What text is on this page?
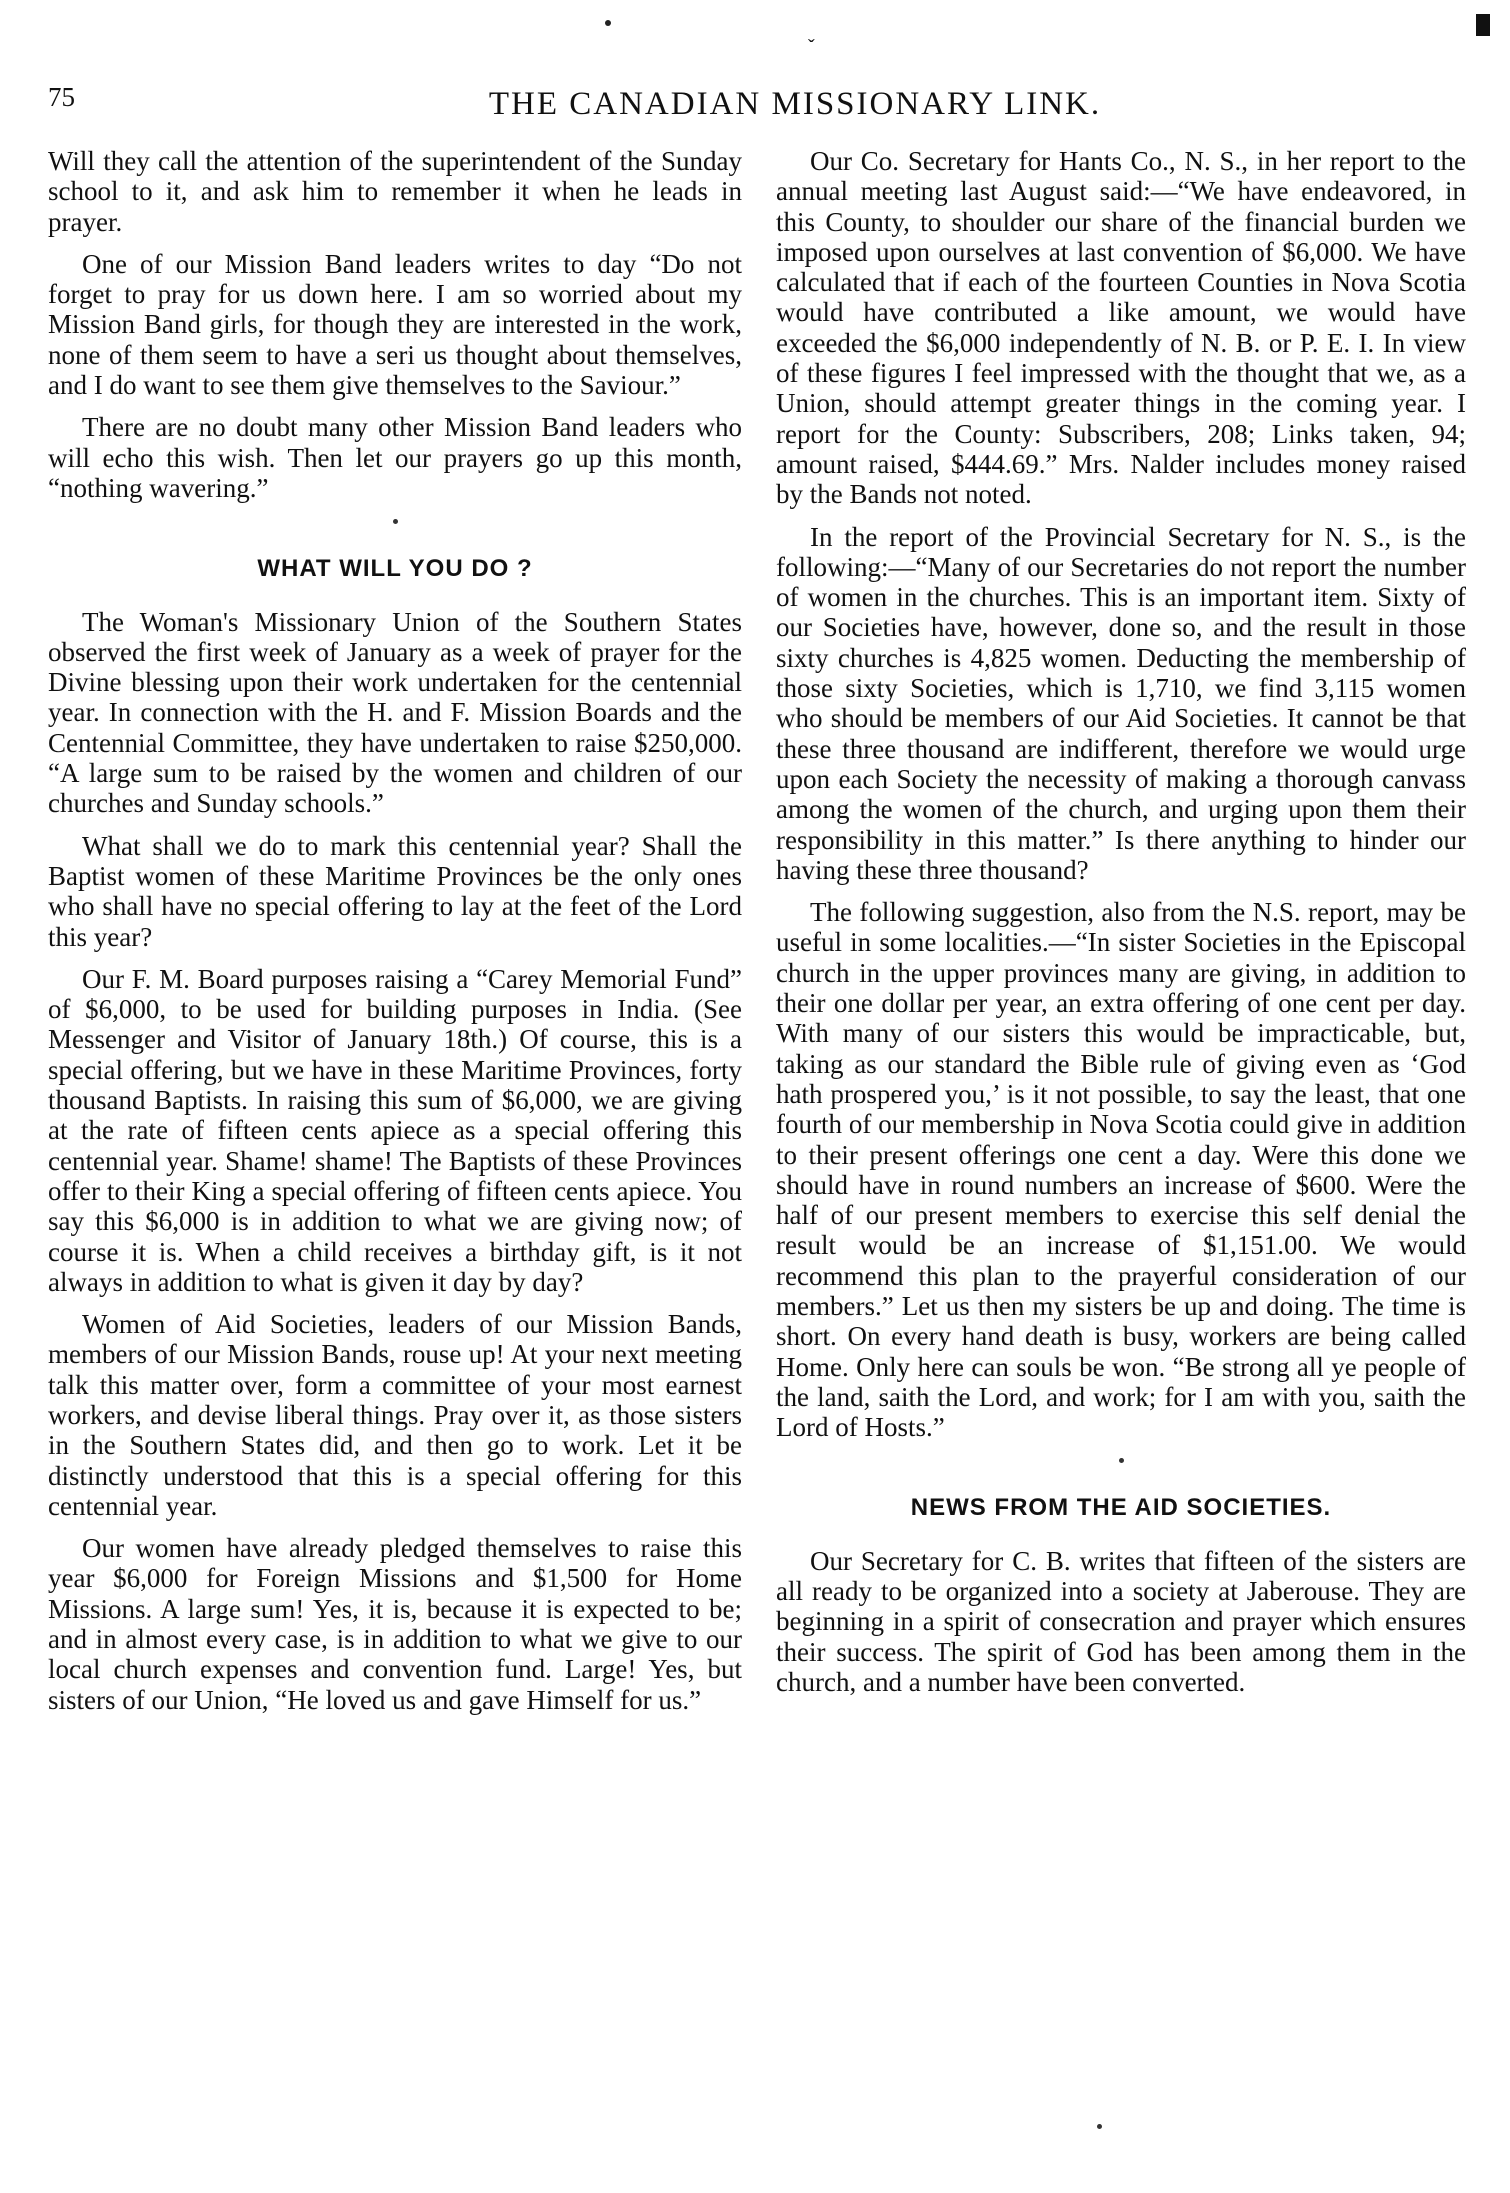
ˇ
75	THE CANADIAN MISSIONARY LINK.

Will they call the attention of the superintendent of the Sunday school to it, and ask him to remember it when he leads in prayer.

One of our Mission Band leaders writes to day “Do not forget to pray for us down here. I am so worried about my Mission Band girls, for though they are interested in the work, none of them seem to have a seri us thought about themselves, and I do want to see them give themselves to the Saviour.”

There are no doubt many other Mission Band leaders who will echo this wish. Then let our prayers go up this month, “nothing wavering.”

WHAT WILL YOU DO ?

The Woman's Missionary Union of the Southern States observed the first week of January as a week of prayer for the Divine blessing upon their work undertaken for the centennial year. In connection with the H. and F. Mission Boards and the Centennial Committee, they have undertaken to raise $250,000. “A large sum to be raised by the women and children of our churches and Sunday schools.”

What shall we do to mark this centennial year? Shall the Baptist women of these Maritime Provinces be the only ones who shall have no special offering to lay at the feet of the Lord this year?

Our F. M. Board purposes raising a “Carey Memorial Fund” of $6,000, to be used for building purposes in India. (See Messenger and Visitor of January 18th.) Of course, this is a special offering, but we have in these Maritime Provinces, forty thousand Baptists. In raising this sum of $6,000, we are giving at the rate of fifteen cents apiece as a special offering this centennial year. Shame! shame! The Baptists of these Provinces offer to their King a special offering of fifteen cents apiece. You say this $6,000 is in addition to what we are giving now; of course it is. When a child receives a birthday gift, is it not always in addition to what is given it day by day?

Women of Aid Societies, leaders of our Mission Bands, members of our Mission Bands, rouse up! At your next meeting talk this matter over, form a committee of your most earnest workers, and devise liberal things. Pray over it, as those sisters in the Southern States did, and then go to work. Let it be distinctly understood that this is a special offering for this centennial year.

Our women have already pledged themselves to raise this year $6,000 for Foreign Missions and $1,500 for Home Missions. A large sum! Yes, it is, because it is expected to be; and in almost every case, is in addition to what we give to our local church expenses and convention fund. Large! Yes, but sisters of our Union, “He loved us and gave Himself for us.”

Our Co. Secretary for Hants Co., N. S., in her report to the annual meeting last August said:—“We have endeavored, in this County, to shoulder our share of the financial burden we imposed upon ourselves at last convention of $6,000. We have calculated that if each of the fourteen Counties in Nova Scotia would have contributed a like amount, we would have exceeded the $6,000 independently of N. B. or P. E. I. In view of these figures I feel impressed with the thought that we, as a Union, should attempt greater things in the coming year. I report for the County: Subscribers, 208; Links taken, 94; amount raised, $444.69.” Mrs. Nalder includes money raised by the Bands not noted.

In the report of the Provincial Secretary for N. S., is the following:—“Many of our Secretaries do not report the number of women in the churches. This is an important item. Sixty of our Societies have, however, done so, and the result in those sixty churches is 4,825 women. Deducting the membership of those sixty Societies, which is 1,710, we find 3,115 women who should be members of our Aid Societies. It cannot be that these three thousand are indifferent, therefore we would urge upon each Society the necessity of making a thorough canvass among the women of the church, and urging upon them their responsibility in this matter.” Is there anything to hinder our having these three thousand?

The following suggestion, also from the N.S. report, may be useful in some localities.—“In sister Societies in the Episcopal church in the upper provinces many are giving, in addition to their one dollar per year, an extra offering of one cent per day. With many of our sisters this would be impracticable, but, taking as our standard the Bible rule of giving even as ‘God hath prospered you,’ is it not possible, to say the least, that one fourth of our membership in Nova Scotia could give in addition to their present offerings one cent a day. Were this done we should have in round numbers an increase of $600. Were the half of our present members to exercise this self denial the result would be an increase of $1,151.00. We would recommend this plan to the prayerful consideration of our members.” Let us then my sisters be up and doing. The time is short. On every hand death is busy, workers are being called Home. Only here can souls be won. “Be strong all ye people of the land, saith the Lord, and work; for I am with you, saith the Lord of Hosts.”

NEWS FROM THE AID SOCIETIES.

Our Secretary for C. B. writes that fifteen of the sisters are all ready to be organized into a society at Jaberouse. They are beginning in a spirit of consecration and prayer which ensures their success. The spirit of God has been among them in the church, and a number have been converted.
